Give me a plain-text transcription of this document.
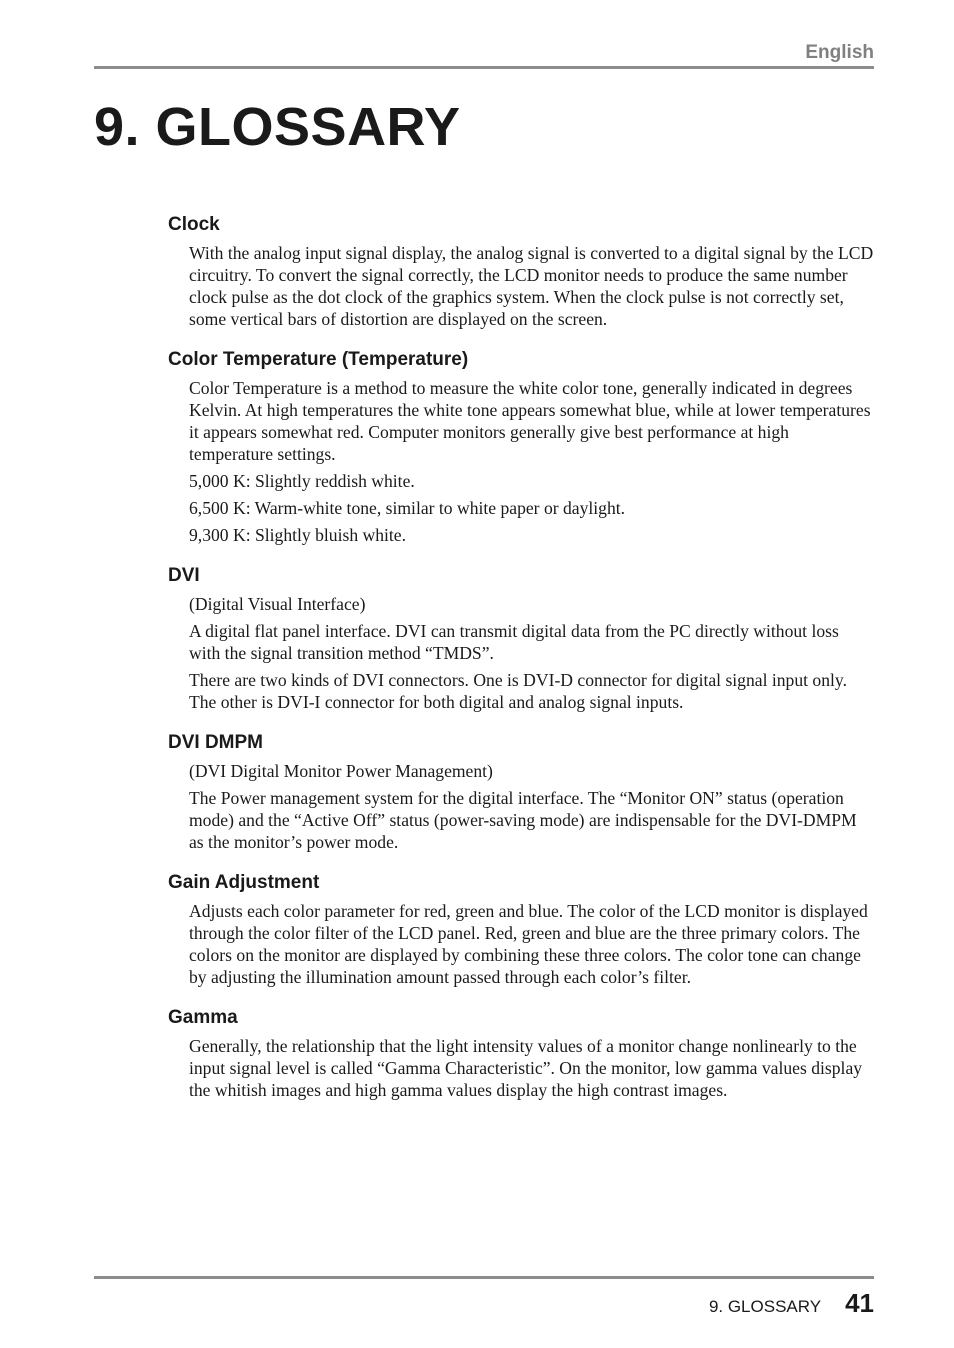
English
9. GLOSSARY
Clock

With the analog input signal display, the analog signal is converted to a digital signal by the LCD circuitry. To convert the signal correctly, the LCD monitor needs to produce the same number clock pulse as the dot clock of the graphics system. When the clock pulse is not correctly set, some vertical bars of distortion are displayed on the screen.

Color Temperature (Temperature)

Color Temperature is a method to measure the white color tone, generally indicated in degrees Kelvin. At high temperatures the white tone appears somewhat blue, while at lower temperatures it appears somewhat red. Computer monitors generally give best performance at high temperature settings.

5,000 K: Slightly reddish white.

6,500 K: Warm-white tone, similar to white paper or daylight.

9,300 K: Slightly bluish white.

DVI

(Digital Visual Interface)

A digital flat panel interface. DVI can transmit digital data from the PC directly without loss with the signal transition method “TMDS”.

There are two kinds of DVI connectors. One is DVI-D connector for digital signal input only. The other is DVI-I connector for both digital and analog signal inputs.

DVI DMPM

(DVI Digital Monitor Power Management)

The Power management system for the digital interface. The “Monitor ON” status (operation mode) and the “Active Off” status (power-saving mode) are indispensable for the DVI-DMPM as the monitor’s power mode.

Gain Adjustment

Adjusts each color parameter for red, green and blue. The color of the LCD monitor is displayed through the color filter of the LCD panel. Red, green and blue are the three primary colors. The colors on the monitor are displayed by combining these three colors. The color tone can change by adjusting the illumination amount passed through each color’s filter.

Gamma

Generally, the relationship that the light intensity values of a monitor change nonlinearly to the input signal level is called “Gamma Characteristic”. On the monitor, low gamma values display the whitish images and high gamma values display the high contrast images.

9. GLOSSARY 41
